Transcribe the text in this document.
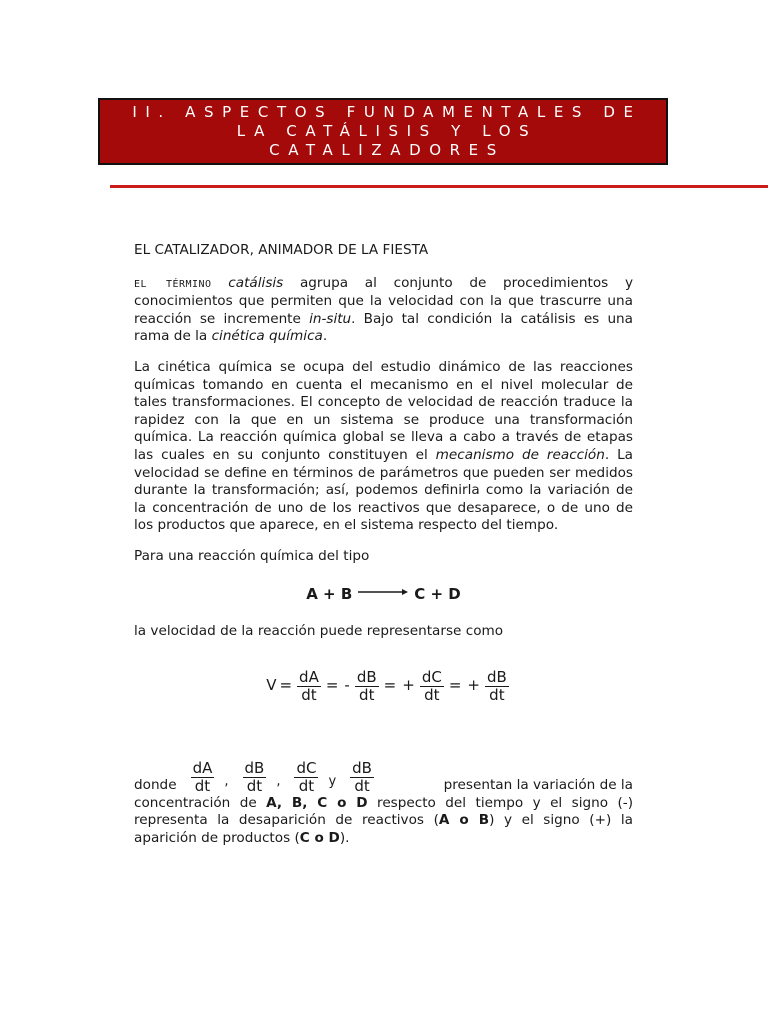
II. ASPECTOS FUNDAMENTALES DE
LA CATÁLISIS Y LOS
CATALIZADORES
EL CATALIZADOR, ANIMADOR DE LA FIESTA

EL TÉRMINO catálisis agrupa al conjunto de procedimientos y conocimientos que permiten que la velocidad con la que trascurre una reacción se incremente in-situ. Bajo tal condición la catálisis es una rama de la cinética química.

La cinética química se ocupa del estudio dinámico de las reacciones químicas tomando en cuenta el mecanismo en el nivel molecular de tales transformaciones. El concepto de velocidad de reacción traduce la rapidez con la que en un sistema se produce una transformación química. La reacción química global se lleva a cabo a través de etapas las cuales en su conjunto constituyen el mecanismo de reacción. La velocidad se define en términos de parámetros que pueden ser medidos durante la transformación; así, podemos definirla como la variación de la concentración de uno de los reactivos que desaparece, o de uno de los productos que aparece, en el sistema respecto del tiempo.

Para una reacción química del tipo

A + B → C + D

la velocidad de la reacción puede representarse como

$V = \frac{dA}{dt}$ = - $\frac{dB}{dt}$ = + $\frac{dC}{dt}$ = + $\frac{dB}{dt}$
donde $\frac{dA}{dt}$ , $\frac{dB}{dt}$ , $\frac{dC}{dt}$ y $\frac{dB}{dt}$	presentan la variación de la

concentración de A, B, C o D respecto del tiempo y el signo (-) representa la desaparición de reactivos (A o B) y el signo (+) la aparición de productos (C o D).
